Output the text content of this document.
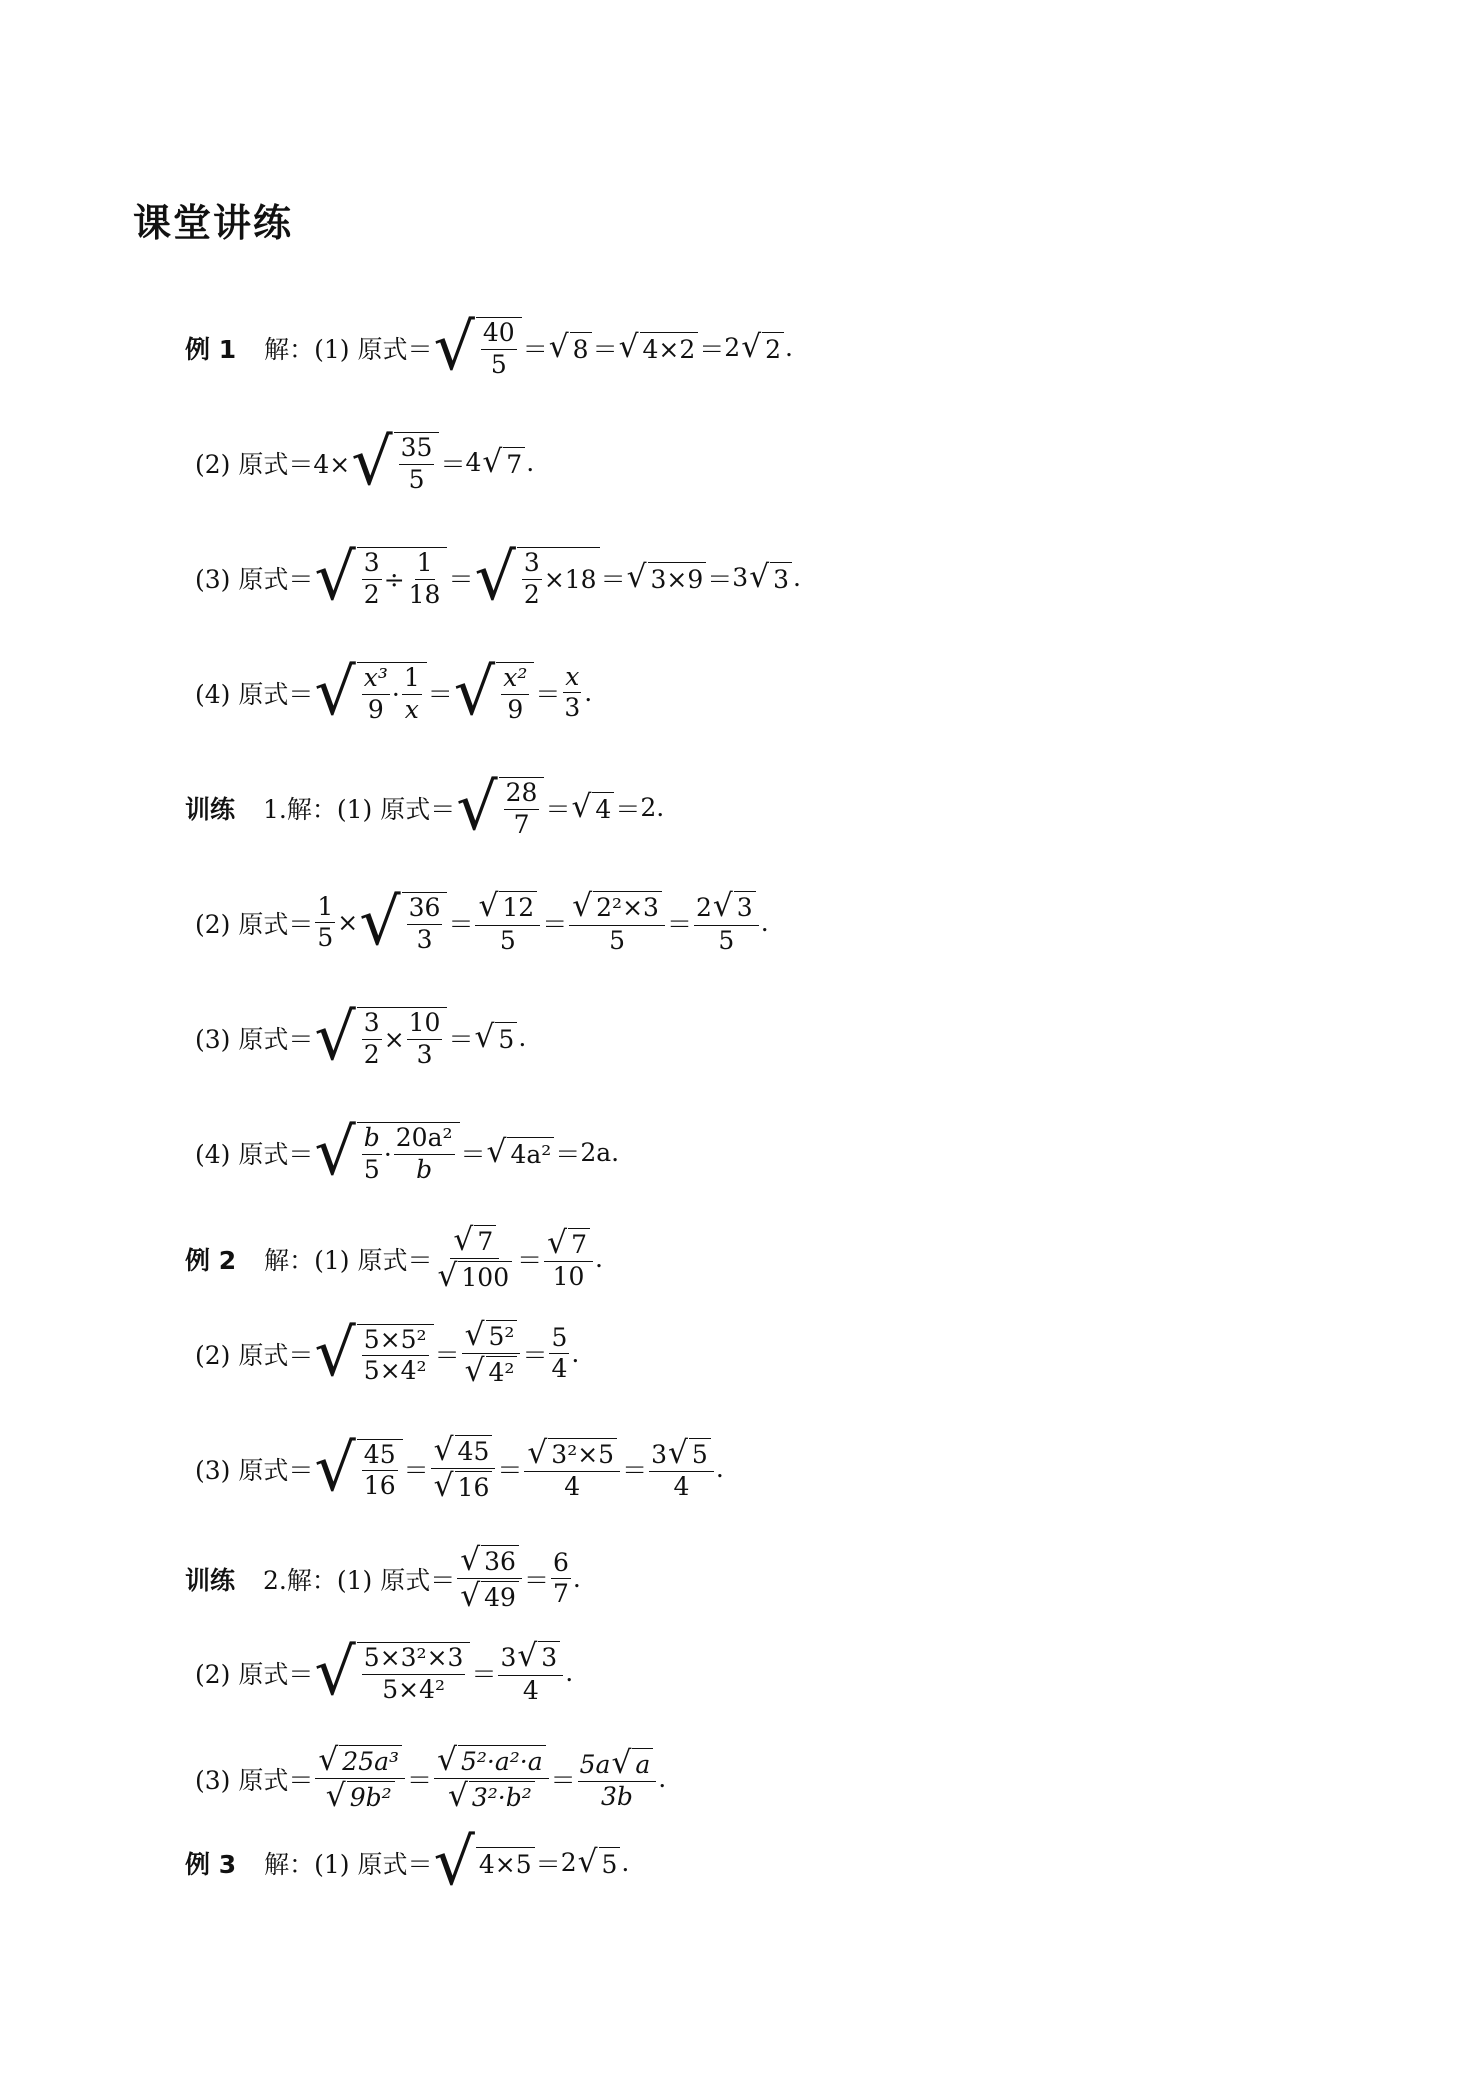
课堂讲练
例 1 解：(1) 原式＝ √ $\frac{40}{5}$ ＝ √ 8 ＝ √ 4×2 ＝ 2 √ 2 .
(2) 原式＝4× √ $\frac{35}{5} = 4$ √ 7 .
(3) 原式＝ √ $\frac{3}{2} \div \frac{1}{18}$ ＝ √ $\frac{3}{2} \times 18$ ＝ √ 3×9 ＝ 3 √ 3 .
(4) 原式＝ √ $\frac{\text{x³}}{9} \cdot \frac{1}{x}$ ＝ √ $\frac{\text{x²}}{9} = \frac{x}{3}$ .
训练 1.解：(1) 原式＝ √ $\frac{28}{7}$ ＝ √ 4 ＝ 2 .
(2) 原式＝ $\frac{1}{5}$ × √ $\frac{36}{3} = \frac{√ 12}{5} = \frac{\text{√ 2²×3}}{5} = \frac{2 √ 3}{5}$ .
(3) 原式＝ √ $\frac{3}{2} \times \frac{10}{3}$ ＝ √ 5 .
(4) 原式＝ √ $\frac{b}{5} \cdot \frac{\text{20a²}}{b}$ ＝ √ 4a² ＝ 2a .
例 2 解：(1) 原式＝ $\frac{√ 7}{√ 100} = \frac{√ 7}{10}$ .
(2) 原式＝ √ $\frac{\text{5×5²}}{\text{5×4²}} = \frac{\text{√ 5²}}{\text{√ 4²}} = \frac{5}{4}$ .
(3) 原式＝ √ $\frac{45}{16} = \frac{√ 45}{√ 16} = \frac{\text{√ 3²×5}}{4} = \frac{3 √ 5}{4}$ .
训练 2.解：(1) 原式＝ $\frac{√ 36}{√ 49} = \frac{6}{7}$ .
(2) 原式＝ √ $\frac{\text{5×3²×3}}{\text{5×4²}} = \frac{3 √ 3}{4}$ .
(3) 原式＝ $\frac{\text{√ 25a³}}{\text{√ 9b²}} = \frac{\text{√ 5²·a²·a}}{\text{√ 3²·b²}} = \frac{5a √ a}{3b}$ .
例 3 解：(1) 原式＝ √ 4×5 ＝ 2 √ 5 .
